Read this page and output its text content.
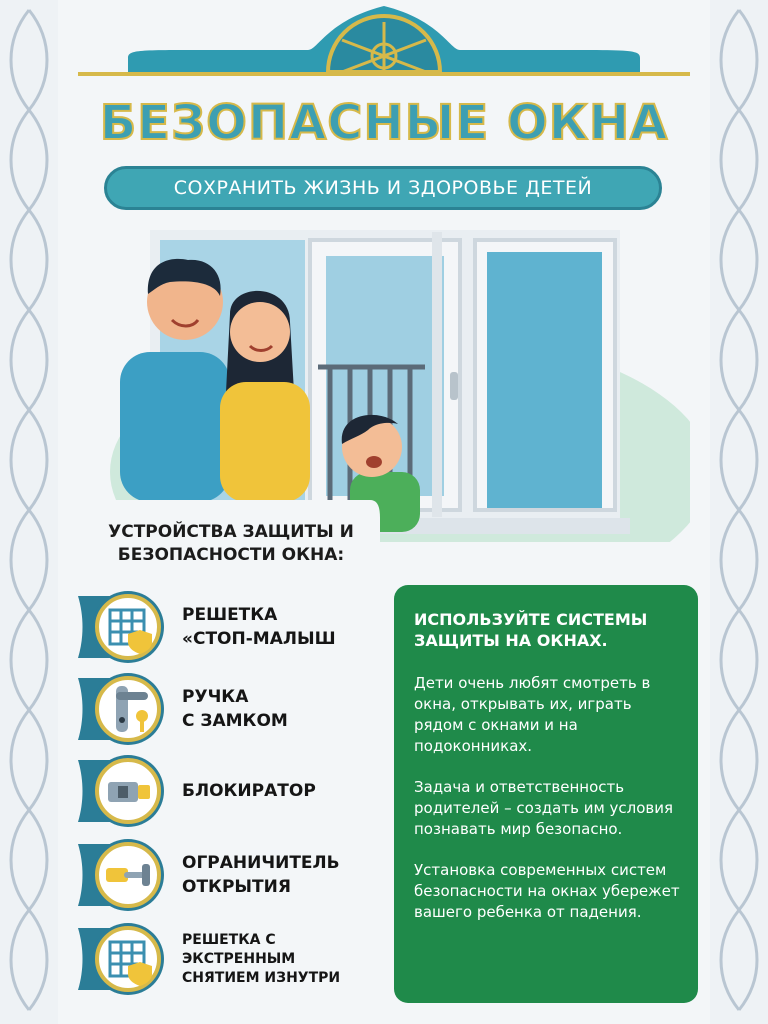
БЕЗОПАСНЫЕ ОКНА
СОХРАНИТЬ ЖИЗНЬ И ЗДОРОВЬЕ ДЕТЕЙ
УСТРОЙСТВА ЗАЩИТЫ И
БЕЗОПАСНОСТИ ОКНА:
РЕШЕТКА
«СТОП-МАЛЫШ
РУЧКА
С ЗАМКОМ
БЛОКИРАТОР
ОГРАНИЧИТЕЛЬ
ОТКРЫТИЯ
РЕШЕТКА С
ЭКСТРЕННЫМ
СНЯТИЕМ ИЗНУТРИ
ИСПОЛЬЗУЙТЕ СИСТЕМЫ ЗАЩИТЫ НА ОКНАХ.

Дети очень любят смотреть в окна, открывать их, играть рядом с окнами и на подоконниках.

Задача и ответственность родителей – создать им условия познавать мир безопасно.

Установка современных систем безопасности на окнах убережет вашего ребенка от падения.
